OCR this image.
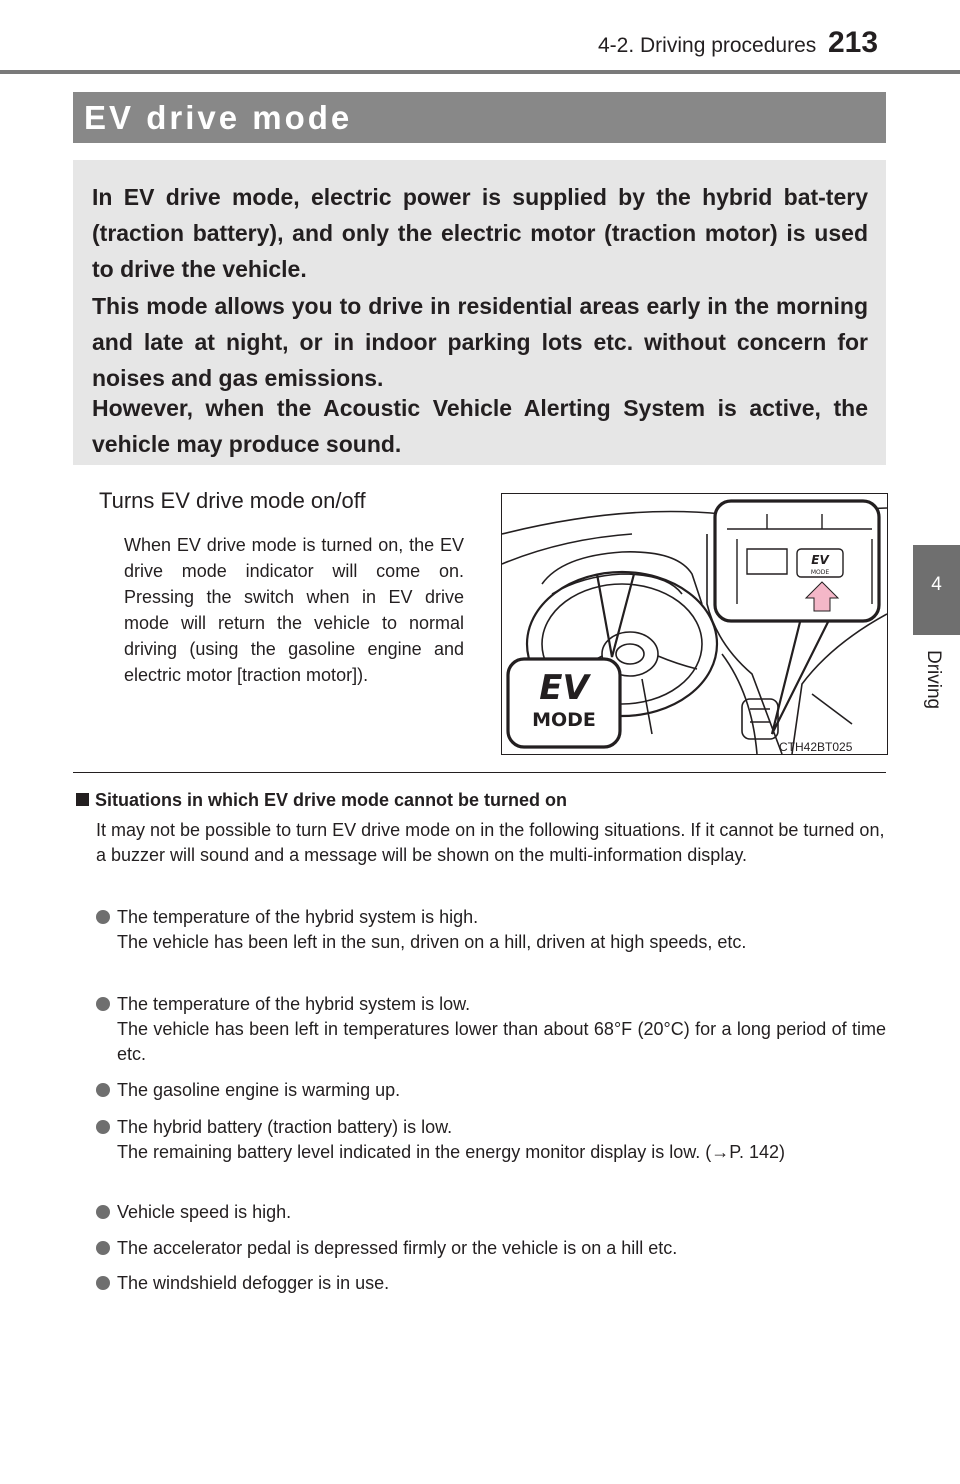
4-2. Driving procedures 213
4
Driving
EV drive mode

In EV drive mode, electric power is supplied by the hybrid bat-tery (traction battery), and only the electric motor (traction motor) is used to drive the vehicle.

This mode allows you to drive in residential areas early in the morning and late at night, or in indoor parking lots etc. without concern for noises and gas emissions.

However, when the Acoustic Vehicle Alerting System is active, the vehicle may produce sound.

Turns EV drive mode on/off

When EV drive mode is turned on, the EV drive mode indicator will come on. Pressing the switch when in EV drive mode will return the vehicle to normal driving (using the gasoline engine and electric motor [traction motor]).

EV
MODE
EV
MODE
CTH42BT025
Situations in which EV drive mode cannot be turned on

It may not be possible to turn EV drive mode on in the following situations. If it cannot be turned on, a buzzer will sound and a message will be shown on the multi-information display.

The temperature of the hybrid system is high.
The vehicle has been left in the sun, driven on a hill, driven at high speeds, etc.
The temperature of the hybrid system is low.
The vehicle has been left in temperatures lower than about 68°F (20°C) for a long period of time etc.
The gasoline engine is warming up.
The hybrid battery (traction battery) is low.
The remaining battery level indicated in the energy monitor display is low. (→P. 142)
Vehicle speed is high.
The accelerator pedal is depressed firmly or the vehicle is on a hill etc.
The windshield defogger is in use.
